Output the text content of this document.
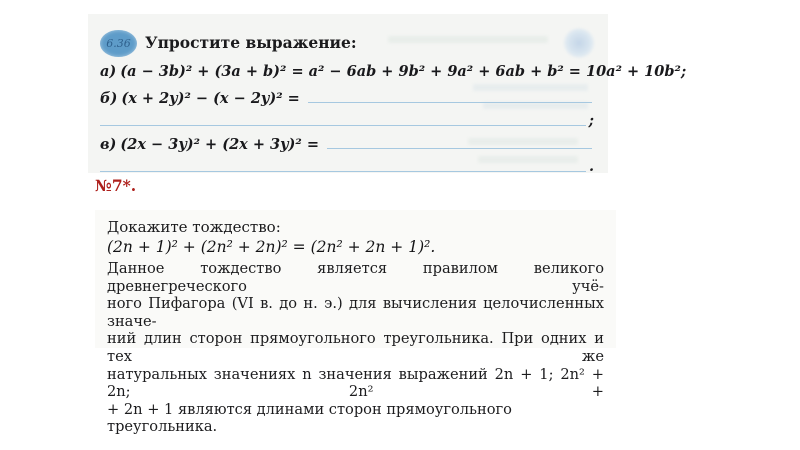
6.36 Упростите выражение:
а) (a − 3b)² + (3a + b)² = a² − 6ab + 9b² + 9a² + 6ab + b² = 10a² + 10b²;
б) (x + 2y)² − (x − 2y)² =
;
в) (2x − 3y)² + (2x + 3y)² =
.
№7*.
Докажите тождество:
(2n + 1)² + (2n² + 2n)² = (2n² + 2n + 1)².
Данное тождество является правилом великого древнегреческого учё-
ного Пифагора (VI в. до н. э.) для вычисления целочисленных значе-
ний длин сторон прямоугольного треугольника. При одних и тех же
натуральных значениях n значения выражений 2n + 1; 2n² + 2n; 2n² +
+ 2n + 1 являются длинами сторон прямоугольного треугольника.
